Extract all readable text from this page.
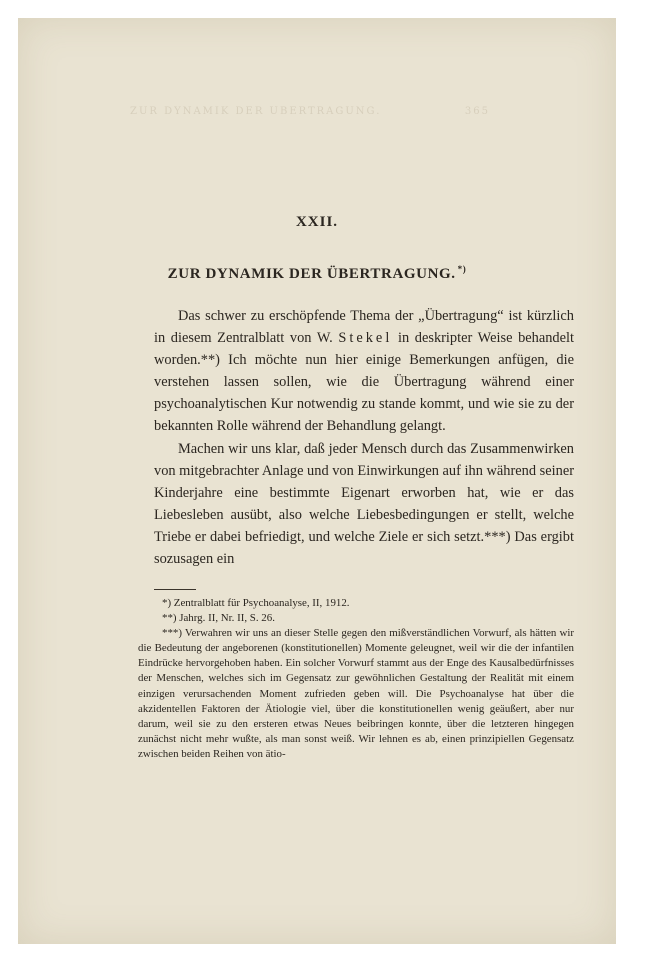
ZUR DYNAMIK DER ÜBERTRAGUNG.	365
XXII.
ZUR DYNAMIK DER ÜBERTRAGUNG. *)

Das schwer zu erschöpfende Thema der „Übertragung“ ist kürzlich in diesem Zentralblatt von W. Stekel in deskripter Weise behandelt worden.**) Ich möchte nun hier einige Bemerkungen anfügen, die verstehen lassen sollen, wie die Übertragung während einer psychoanalytischen Kur notwendig zu stande kommt, und wie sie zu der bekannten Rolle während der Behandlung gelangt.

Machen wir uns klar, daß jeder Mensch durch das Zusammenwirken von mitgebrachter Anlage und von Einwirkungen auf ihn während seiner Kinderjahre eine bestimmte Eigenart erworben hat, wie er das Liebesleben ausübt, also welche Liebesbedingungen er stellt, welche Triebe er dabei befriedigt, und welche Ziele er sich setzt.***) Das ergibt sozusagen ein

*) Zentralblatt für Psychoanalyse, II, 1912.

**) Jahrg. II, Nr. II, S. 26.

***) Verwahren wir uns an dieser Stelle gegen den mißverständlichen Vorwurf, als hätten wir die Bedeutung der angeborenen (konstitutionellen) Momente geleugnet, weil wir die der infantilen Eindrücke hervorgehoben haben. Ein solcher Vorwurf stammt aus der Enge des Kausalbedürfnisses der Menschen, welches sich im Gegensatz zur gewöhnlichen Gestaltung der Realität mit einem einzigen verursachenden Moment zufrieden geben will. Die Psychoanalyse hat über die akzidentellen Faktoren der Ätiologie viel, über die konstitutionellen wenig geäußert, aber nur darum, weil sie zu den ersteren etwas Neues beibringen konnte, über die letzteren hingegen zunächst nicht mehr wußte, als man sonst weiß. Wir lehnen es ab, einen prinzipiellen Gegensatz zwischen beiden Reihen von ätio-
